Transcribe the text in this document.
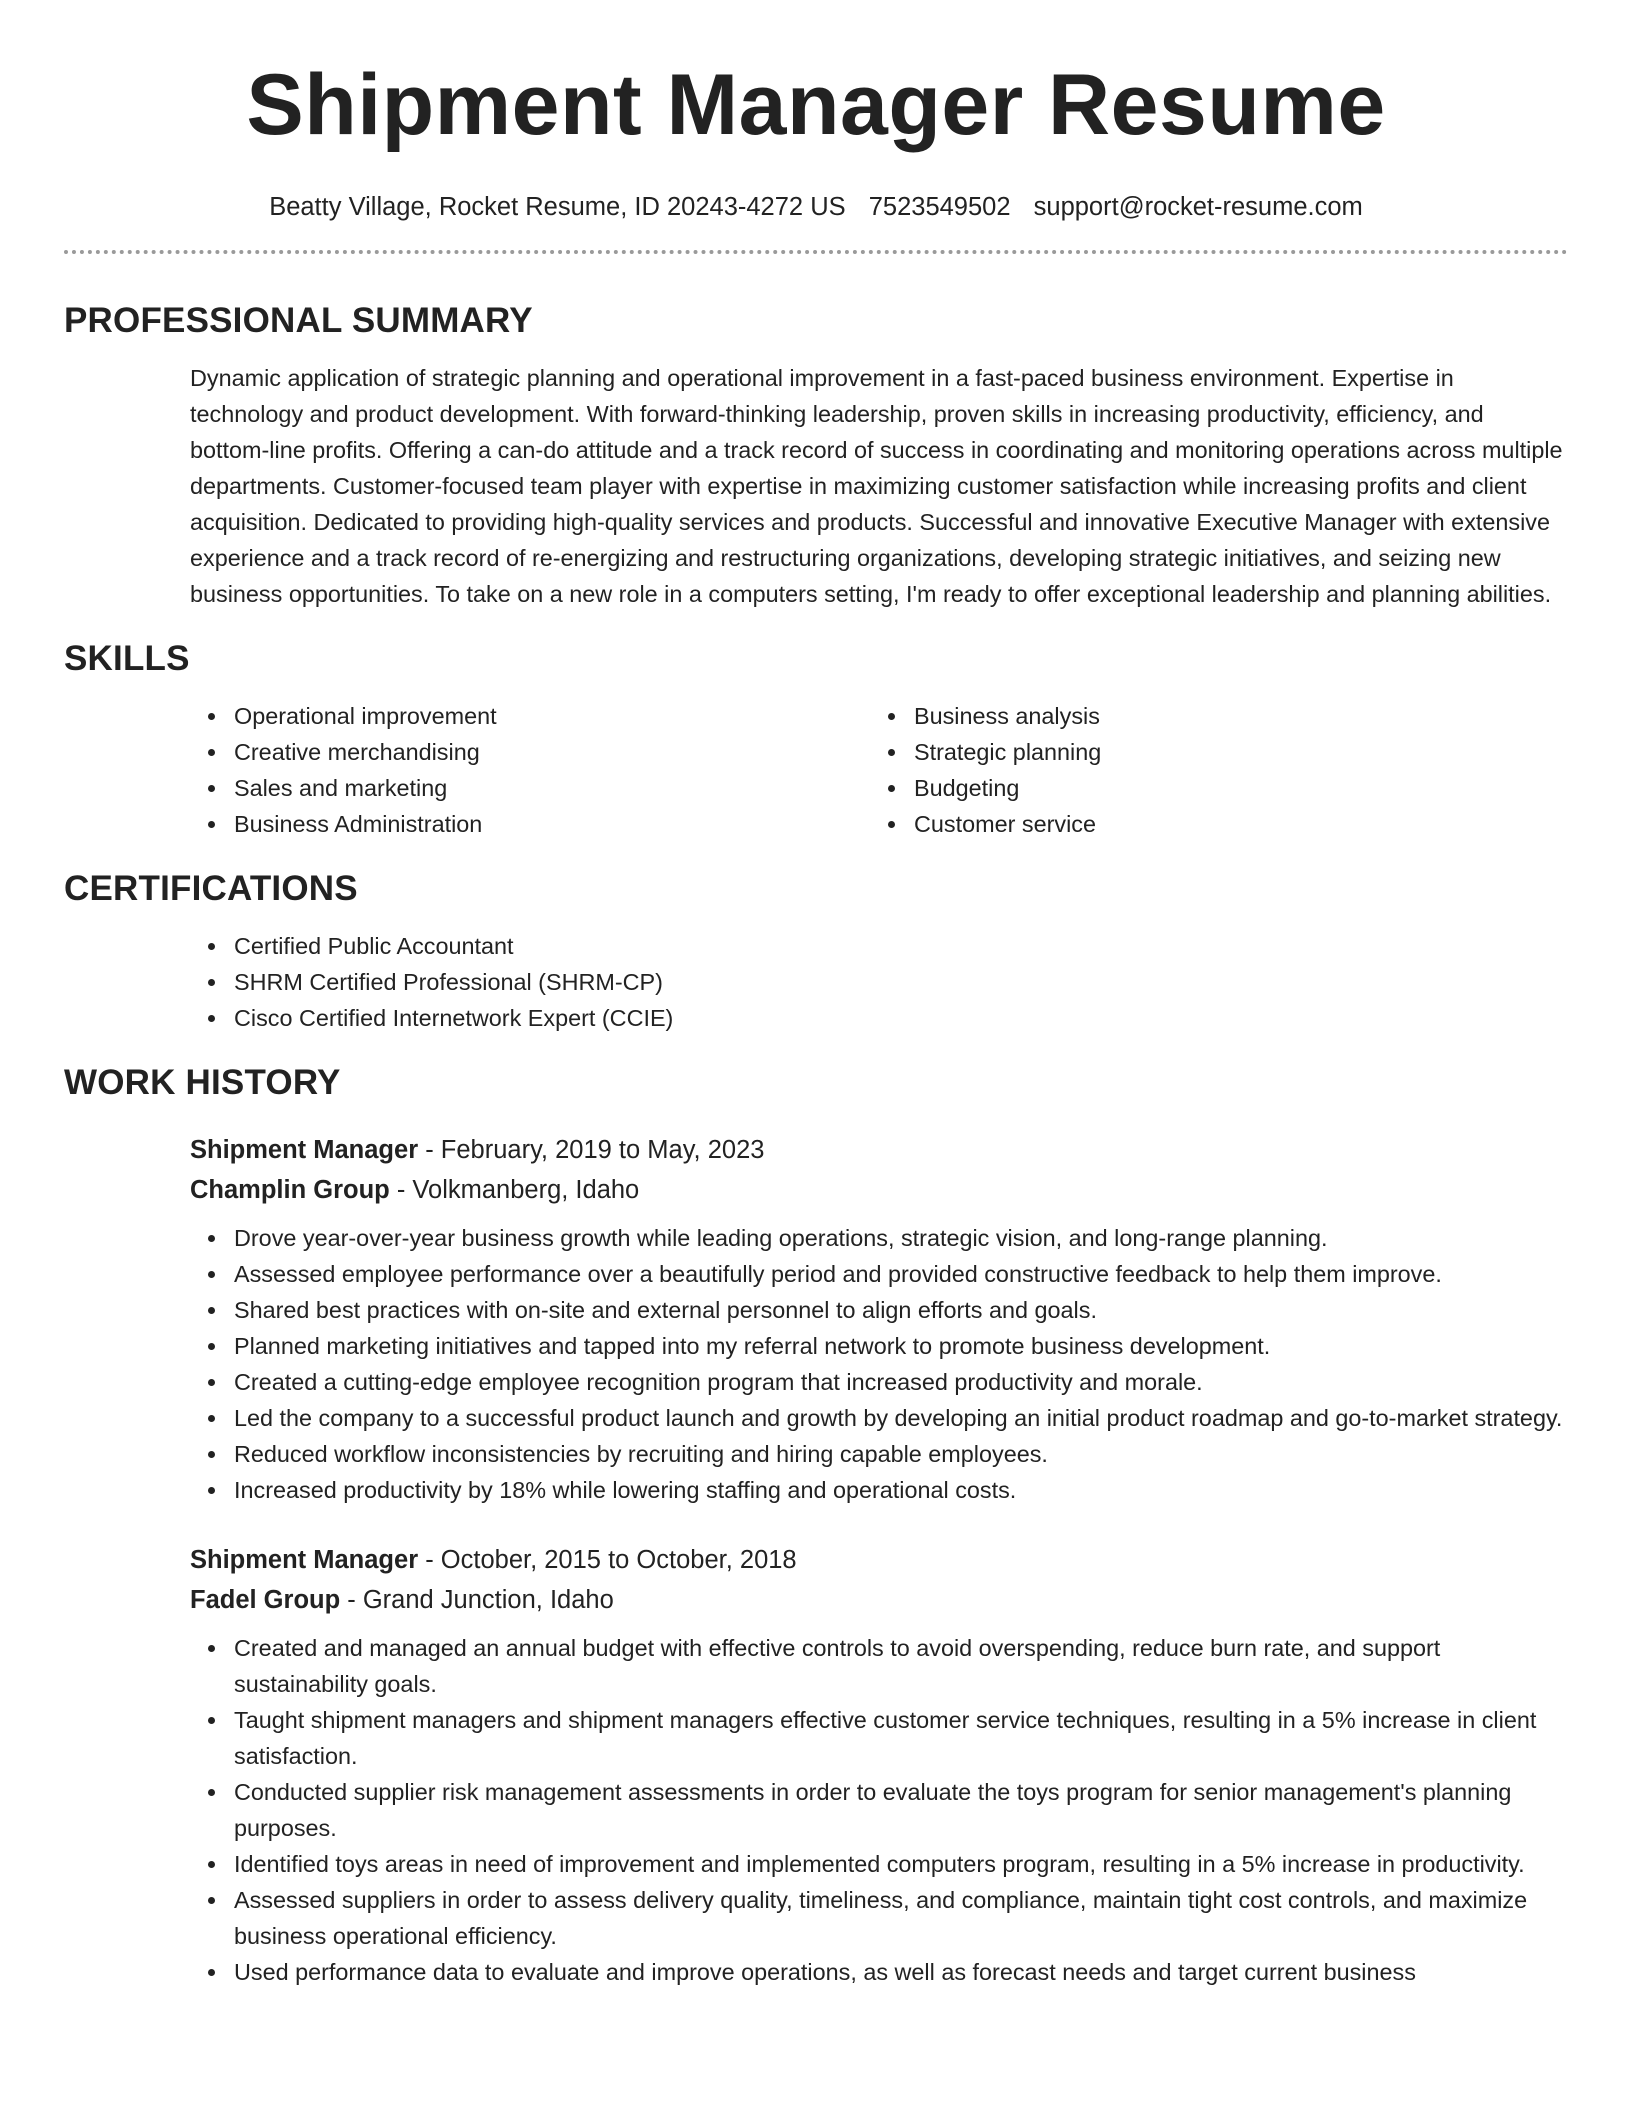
Shipment Manager Resume
Beatty Village, Rocket Resume, ID 20243-4272 US 7523549502 support@rocket-resume.com
PROFESSIONAL SUMMARY

Dynamic application of strategic planning and operational improvement in a fast-paced business environment. Expertise in technology and product development. With forward-thinking leadership, proven skills in increasing productivity, efficiency, and bottom-line profits. Offering a can-do attitude and a track record of success in coordinating and monitoring operations across multiple departments. Customer-focused team player with expertise in maximizing customer satisfaction while increasing profits and client acquisition. Dedicated to providing high-quality services and products. Successful and innovative Executive Manager with extensive experience and a track record of re-energizing and restructuring organizations, developing strategic initiatives, and seizing new business opportunities. To take on a new role in a computers setting, I'm ready to offer exceptional leadership and planning abilities.

SKILLS
Operational improvement
Creative merchandising
Sales and marketing
Business Administration
Business analysis
Strategic planning
Budgeting
Customer service
CERTIFICATIONS
Certified Public Accountant
SHRM Certified Professional (SHRM-CP)
Cisco Certified Internetwork Expert (CCIE)
WORK HISTORY
Shipment Manager - February, 2019 to May, 2023
Champlin Group - Volkmanberg, Idaho
Drove year-over-year business growth while leading operations, strategic vision, and long-range planning.
Assessed employee performance over a beautifully period and provided constructive feedback to help them improve.
Shared best practices with on-site and external personnel to align efforts and goals.
Planned marketing initiatives and tapped into my referral network to promote business development.
Created a cutting-edge employee recognition program that increased productivity and morale.
Led the company to a successful product launch and growth by developing an initial product roadmap and go-to-market strategy.
Reduced workflow inconsistencies by recruiting and hiring capable employees.
Increased productivity by 18% while lowering staffing and operational costs.
Shipment Manager - October, 2015 to October, 2018
Fadel Group - Grand Junction, Idaho
Created and managed an annual budget with effective controls to avoid overspending, reduce burn rate, and support sustainability goals.
Taught shipment managers and shipment managers effective customer service techniques, resulting in a 5% increase in client satisfaction.
Conducted supplier risk management assessments in order to evaluate the toys program for senior management's planning purposes.
Identified toys areas in need of improvement and implemented computers program, resulting in a 5% increase in productivity.
Assessed suppliers in order to assess delivery quality, timeliness, and compliance, maintain tight cost controls, and maximize business operational efficiency.
Used performance data to evaluate and improve operations, as well as forecast needs and target current business
